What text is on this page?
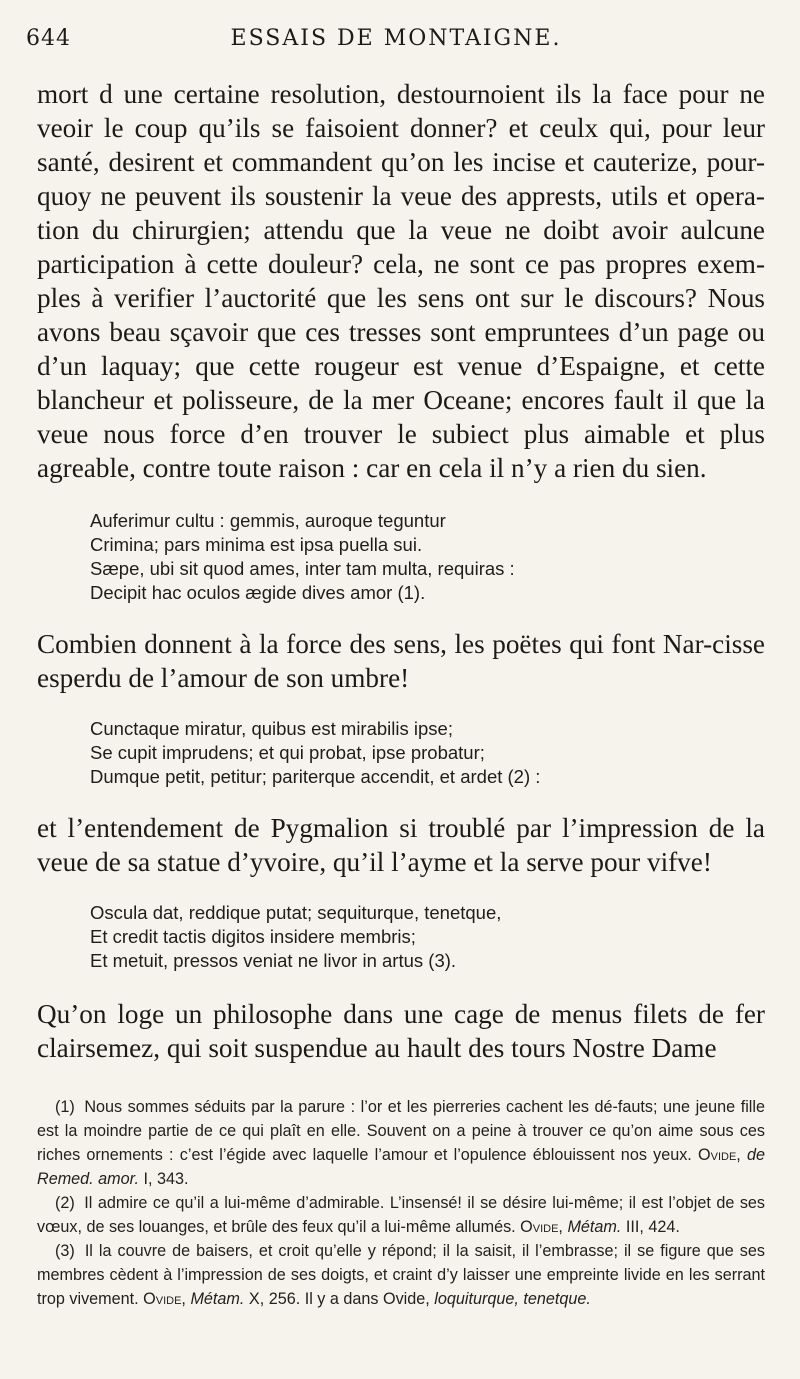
644	ESSAIS DE MONTAIGNE.

mort d une certaine resolution, destournoient ils la face pour ne veoir le coup qu’ils se faisoient donner? et ceulx qui, pour leur santé, desirent et commandent qu’on les incise et cauterize, pour-quoy ne peuvent ils soustenir la veue des apprests, utils et opera-tion du chirurgien; attendu que la veue ne doibt avoir aulcune participation à cette douleur? cela, ne sont ce pas propres exem-ples à verifier l’auctorité que les sens ont sur le discours? Nous avons beau sçavoir que ces tresses sont empruntees d’un page ou d’un laquay; que cette rougeur est venue d’Espaigne, et cette blancheur et polisseure, de la mer Oceane; encores fault il que la veue nous force d’en trouver le subiect plus aimable et plus agreable, contre toute raison : car en cela il n’y a rien du sien.

Auferimur cultu : gemmis, auroque teguntur
Crimina; pars minima est ipsa puella sui.
Sæpe, ubi sit quod ames, inter tam multa, requiras :
Decipit hac oculos ægide dives amor (1).

Combien donnent à la force des sens, les poëtes qui font Nar-cisse esperdu de l’amour de son umbre!

Cunctaque miratur, quibus est mirabilis ipse;
Se cupit imprudens; et qui probat, ipse probatur;
Dumque petit, petitur; pariterque accendit, et ardet (2) :

et l’entendement de Pygmalion si troublé par l’impression de la veue de sa statue d’yvoire, qu’il l’ayme et la serve pour vifve!

Oscula dat, reddique putat; sequiturque, tenetque,
Et credit tactis digitos insidere membris;
Et metuit, pressos veniat ne livor in artus (3).

Qu’on loge un philosophe dans une cage de menus filets de fer clairsemez, qui soit suspendue au hault des tours Nostre Dame

(1) Nous sommes séduits par la parure : l’or et les pierreries cachent les dé-fauts; une jeune fille est la moindre partie de ce qui plaît en elle. Souvent on a peine à trouver ce qu’on aime sous ces riches ornements : c’est l’égide avec laquelle l’amour et l’opulence éblouissent nos yeux. Ovide, de Remed. amor. I, 343.

(2) Il admire ce qu’il a lui-même d’admirable. L’insensé! il se désire lui-même; il est l’objet de ses vœux, de ses louanges, et brûle des feux qu’il a lui-même allumés. Ovide, Métam. III, 424.

(3) Il la couvre de baisers, et croit qu’elle y répond; il la saisit, il l’embrasse; il se figure que ses membres cèdent à l’impression de ses doigts, et craint d’y laisser une empreinte livide en les serrant trop vivement. Ovide, Métam. X, 256. Il y a dans Ovide, loquiturque, tenetque.
